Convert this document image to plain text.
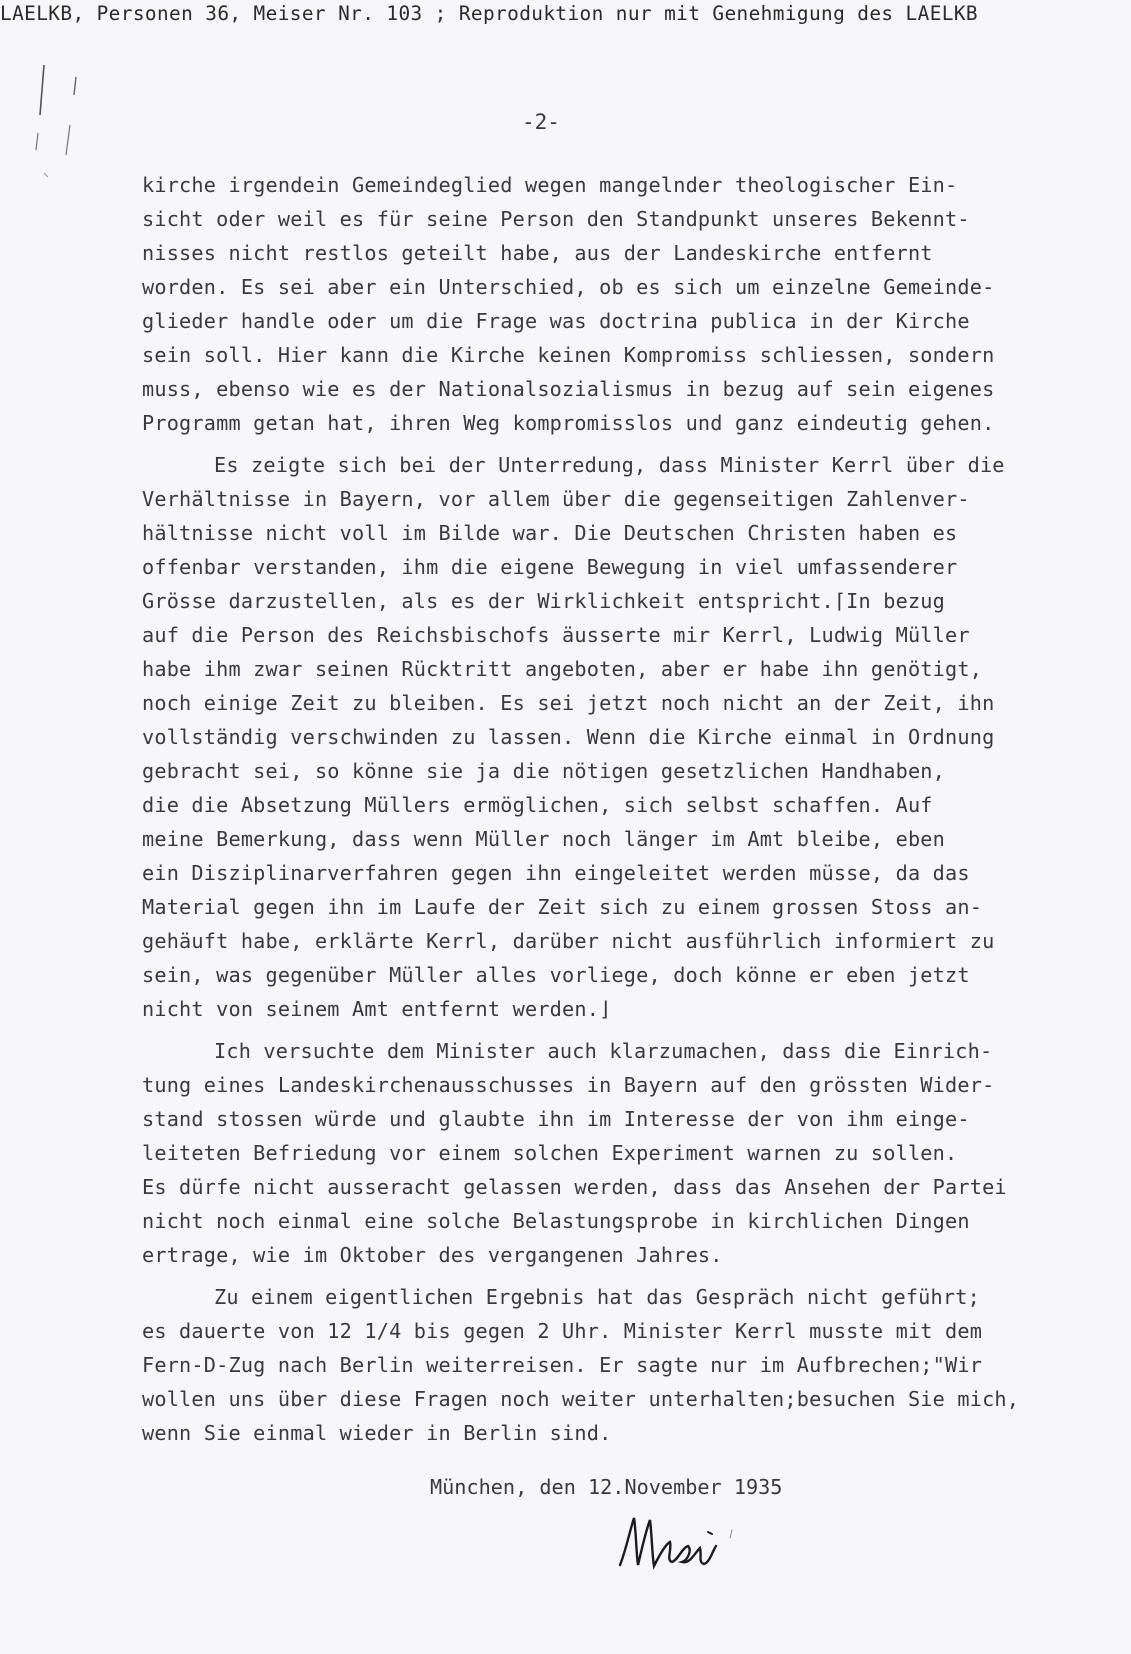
LAELKB, Personen 36, Meiser Nr. 103 ; Reproduktion nur mit Genehmigung des LAELKB
-2-
kirche irgendein Gemeindeglied wegen mangelnder theologischer Ein-
sicht oder weil es für seine Person den Standpunkt unseres Bekennt-
nisses nicht restlos geteilt habe, aus der Landeskirche entfernt
worden. Es sei aber ein Unterschied, ob es sich um einzelne Gemeinde-
glieder handle oder um die Frage was doctrina publica in der Kirche
sein soll. Hier kann die Kirche keinen Kompromiss schliessen, sondern
muss, ebenso wie es der Nationalsozialismus in bezug auf sein eigenes
Programm getan hat, ihren Weg kompromisslos und ganz eindeutig gehen.
Es zeigte sich bei der Unterredung, dass Minister Kerrl über die
Verhältnisse in Bayern, vor allem über die gegenseitigen Zahlenver-
hältnisse nicht voll im Bilde war. Die Deutschen Christen haben es
offenbar verstanden, ihm die eigene Bewegung in viel umfassenderer
Grösse darzustellen, als es der Wirklichkeit entspricht.⌈In bezug
auf die Person des Reichsbischofs äusserte mir Kerrl, Ludwig Müller
habe ihm zwar seinen Rücktritt angeboten, aber er habe ihn genötigt,
noch einige Zeit zu bleiben. Es sei jetzt noch nicht an der Zeit, ihn
vollständig verschwinden zu lassen. Wenn die Kirche einmal in Ordnung
gebracht sei, so könne sie ja die nötigen gesetzlichen Handhaben,
die die Absetzung Müllers ermöglichen, sich selbst schaffen. Auf
meine Bemerkung, dass wenn Müller noch länger im Amt bleibe, eben
ein Disziplinarverfahren gegen ihn eingeleitet werden müsse, da das
Material gegen ihn im Laufe der Zeit sich zu einem grossen Stoss an-
gehäuft habe, erklärte Kerrl, darüber nicht ausführlich informiert zu
sein, was gegenüber Müller alles vorliege, doch könne er eben jetzt
nicht von seinem Amt entfernt werden.⌋
Ich versuchte dem Minister auch klarzumachen, dass die Einrich-
tung eines Landeskirchenausschusses in Bayern auf den grössten Wider-
stand stossen würde und glaubte ihn im Interesse der von ihm einge-
leiteten Befriedung vor einem solchen Experiment warnen zu sollen.
Es dürfe nicht ausseracht gelassen werden, dass das Ansehen der Partei
nicht noch einmal eine solche Belastungsprobe in kirchlichen Dingen
ertrage, wie im Oktober des vergangenen Jahres.
Zu einem eigentlichen Ergebnis hat das Gespräch nicht geführt;
es dauerte von 12 1/4 bis gegen 2 Uhr. Minister Kerrl musste mit dem
Fern-D-Zug nach Berlin weiterreisen. Er sagte nur im Aufbrechen;"Wir
wollen uns über diese Fragen noch weiter unterhalten;besuchen Sie mich,
wenn Sie einmal wieder in Berlin sind.
München, den 12.November 1935
